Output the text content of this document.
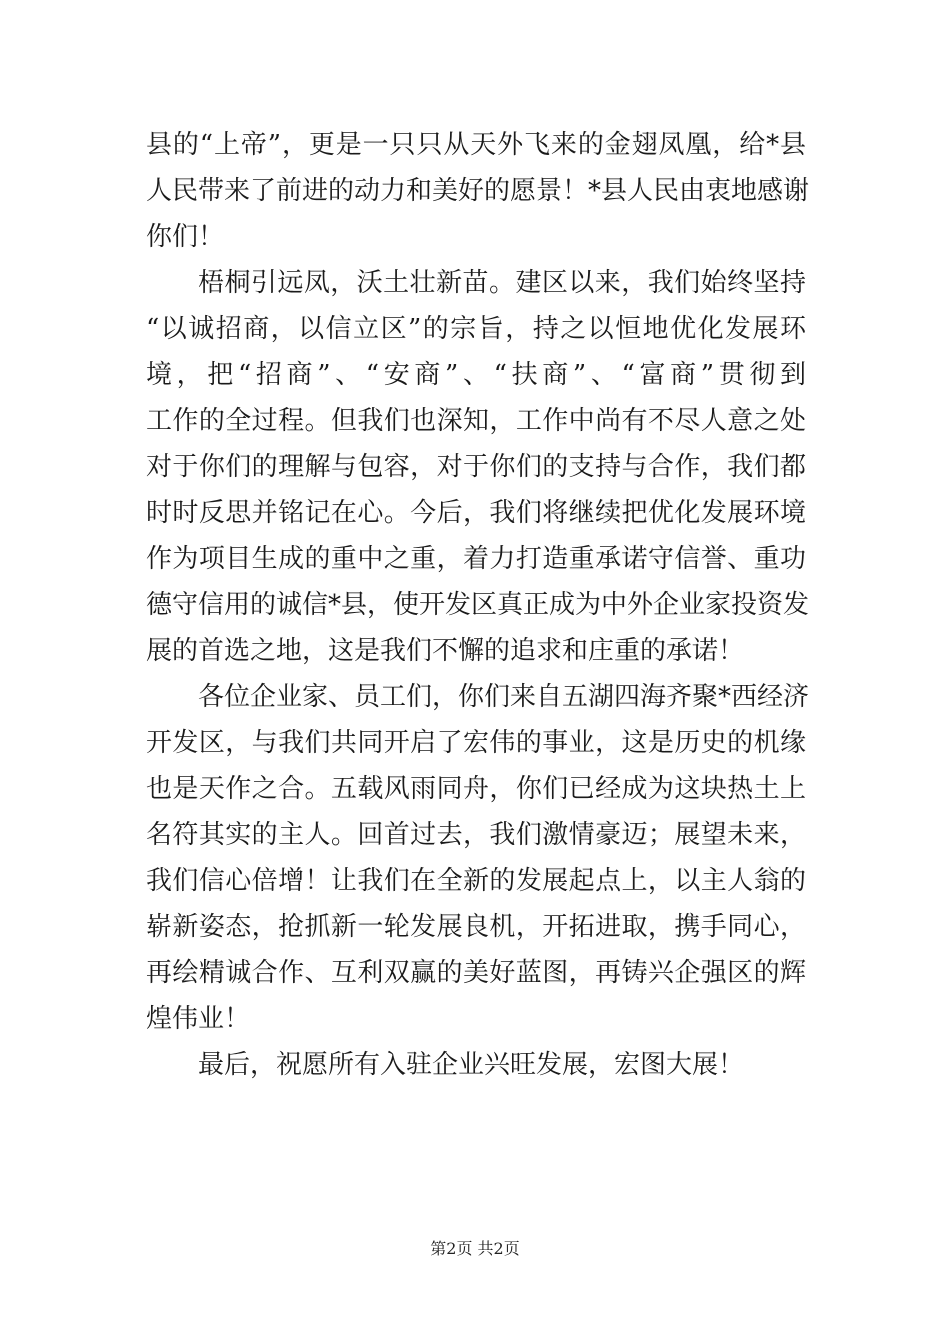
县的“上帝”，更是一只只从天外飞来的金翅凤凰，给*县
人民带来了前进的动力和美好的愿景！*县人民由衷地感谢
你们！
梧桐引远凤，沃土壮新苗。建区以来，我们始终坚持
“以诚招商，以信立区”的宗旨，持之以恒地优化发展环
境，把“招商”、“安商”、“扶商”、“富商”贯彻到
工作的全过程。但我们也深知，工作中尚有不尽人意之处
对于你们的理解与包容，对于你们的支持与合作，我们都
时时反思并铭记在心。今后，我们将继续把优化发展环境
作为项目生成的重中之重，着力打造重承诺守信誉、重功
德守信用的诚信*县，使开发区真正成为中外企业家投资发
展的首选之地，这是我们不懈的追求和庄重的承诺！
各位企业家、员工们，你们来自五湖四海齐聚*西经济
开发区，与我们共同开启了宏伟的事业，这是历史的机缘
也是天作之合。五载风雨同舟，你们已经成为这块热土上
名符其实的主人。回首过去，我们激情豪迈；展望未来，
我们信心倍增！让我们在全新的发展起点上，以主人翁的
崭新姿态，抢抓新一轮发展良机，开拓进取，携手同心，
再绘精诚合作、互利双赢的美好蓝图，再铸兴企强区的辉
煌伟业！
最后，祝愿所有入驻企业兴旺发展，宏图大展！
第2页 共2页
